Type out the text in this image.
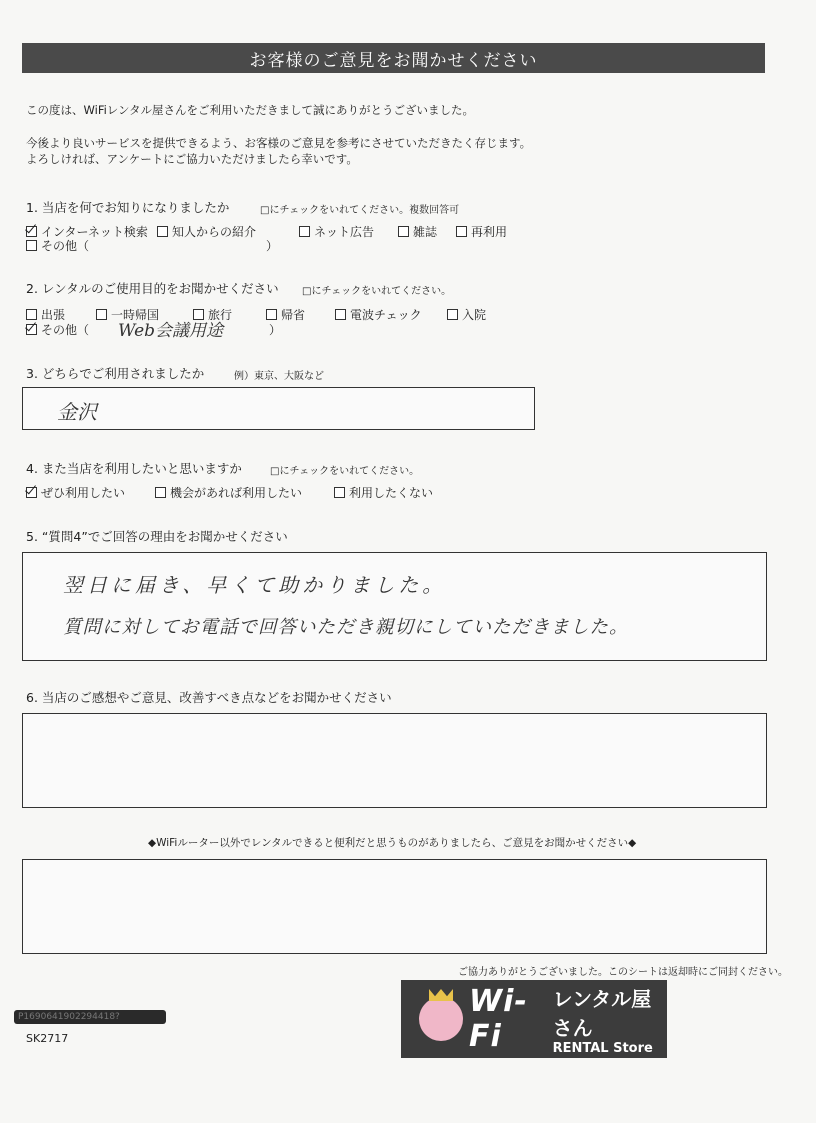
お客様のご意見をお聞かせください
この度は、WiFiレンタル屋さんをご利用いただきまして誠にありがとうございました。
今後より良いサービスを提供できるよう、お客様のご意見を参考にさせていただきたく存じます。
よろしければ、アンケートにご協力いただけましたら幸いです。
1. 当店を何でお知りになりましたか	□にチェックをいれてください。複数回答可
インターネット検索 知人からの紹介	ネット広告	雑誌	再利用
その他（	）
2. レンタルのご使用目的をお聞かせください □にチェックをいれてください。
出張	一時帰国	旅行	帰省	電波チェック	入院
その他（ Web会議用途	）
3. どちらでご利用されましたか	例）東京、大阪など
金沢
4. また当店を利用したいと思いますか	□にチェックをいれてください。
ぜひ利用したい	機会があれば利用したい	利用したくない
5. “質問4”でご回答の理由をお聞かせください
翌日に届き、早くて助かりました。
質問に対してお電話で回答いただき親切にしていただきました。
6. 当店のご感想やご意見、改善すべき点などをお聞かせください
◆WiFiルーター以外でレンタルできると便利だと思うものがありましたら、ご意見をお聞かせください◆
ご協力ありがとうございました。このシートは返却時にご同封ください。
P1690641902294418?
SK2717
Wi-Fi
レンタル屋さん
RENTAL Store
